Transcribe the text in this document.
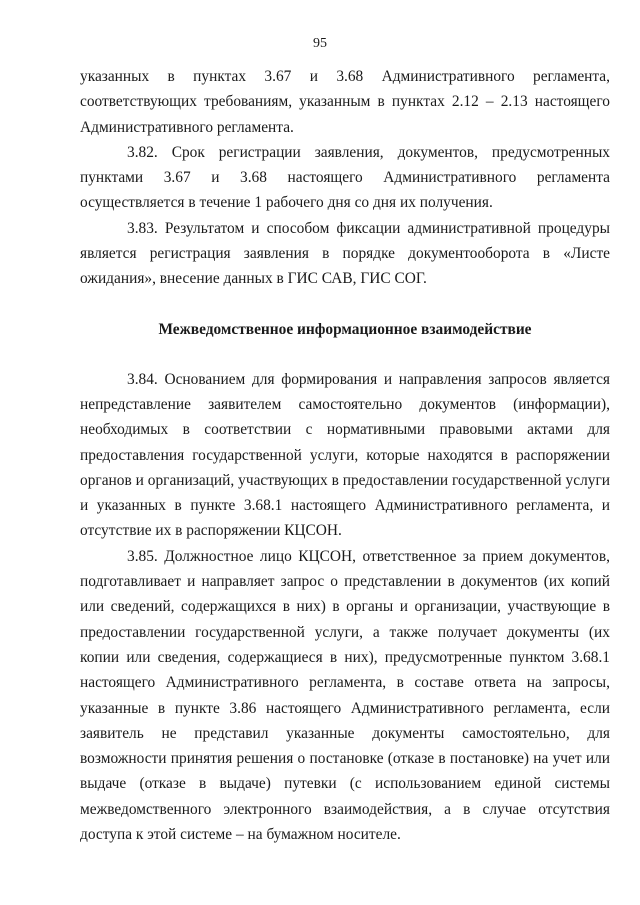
95

указанных в пунктах 3.67 и 3.68 Административного регламента, соответствующих требованиям, указанным в пунктах 2.12 – 2.13 настоящего Административного регламента.

3.82. Срок регистрации заявления, документов, предусмотренных пунктами 3.67 и 3.68 настоящего Административного регламента осуществляется в течение 1 рабочего дня со дня их получения.

3.83. Результатом и способом фиксации административной процедуры является регистрация заявления в порядке документооборота в «Листе ожидания», внесение данных в ГИС САВ, ГИС СОГ.

Межведомственное информационное взаимодействие

3.84. Основанием для формирования и направления запросов является непредставление заявителем самостоятельно документов (информации), необходимых в соответствии с нормативными правовыми актами для предоставления государственной услуги, которые находятся в распоряжении органов и организаций, участвующих в предоставлении государственной услуги и указанных в пункте 3.68.1 настоящего Административного регламента, и отсутствие их в распоряжении КЦСОН.

3.85. Должностное лицо КЦСОН, ответственное за прием документов, подготавливает и направляет запрос о представлении в документов (их копий или сведений, содержащихся в них) в органы и организации, участвующие в предоставлении государственной услуги, а также получает документы (их копии или сведения, содержащиеся в них), предусмотренные пунктом 3.68.1 настоящего Административного регламента, в составе ответа на запросы, указанные в пункте 3.86 настоящего Административного регламента, если заявитель не представил указанные документы самостоятельно, для возможности принятия решения о постановке (отказе в постановке) на учет или выдаче (отказе в выдаче) путевки (с использованием единой системы межведомственного электронного взаимодействия, а в случае отсутствия доступа к этой системе – на бумажном носителе.
